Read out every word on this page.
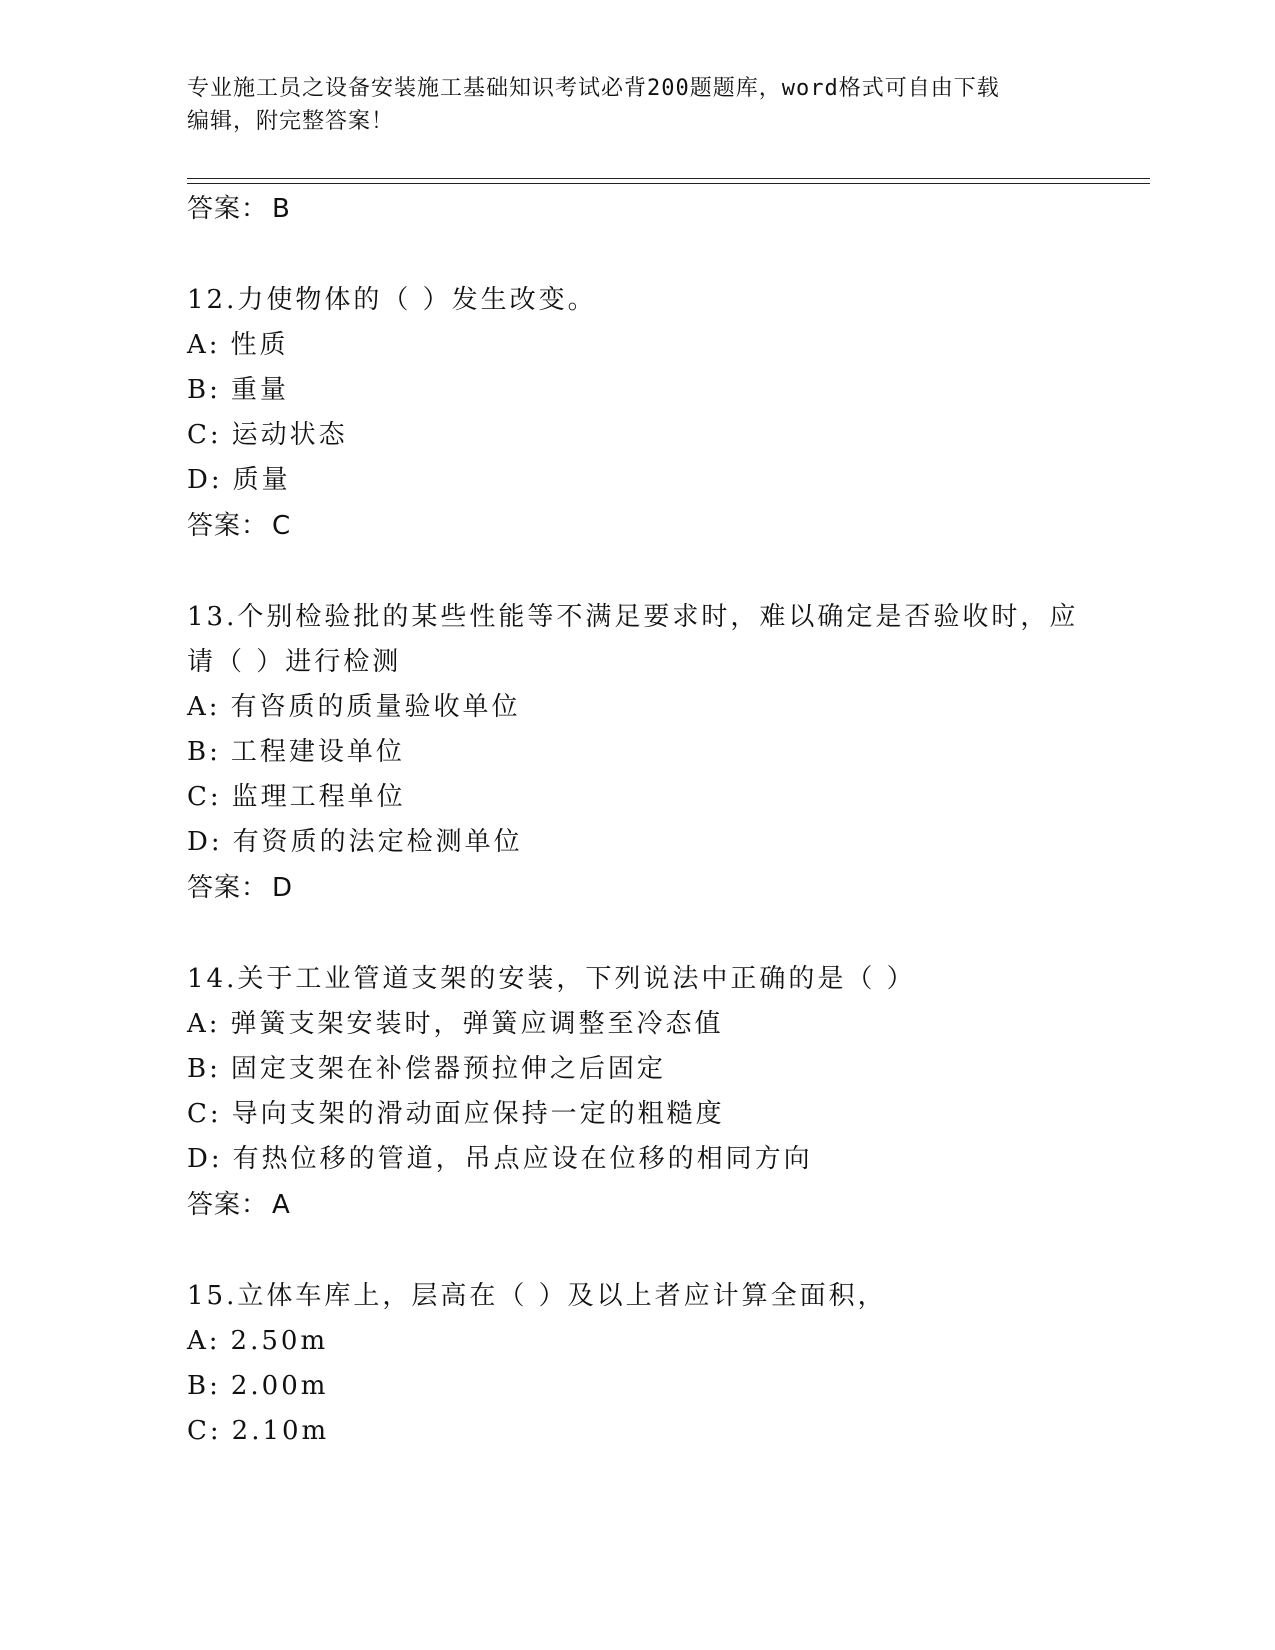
专业施工员之设备安装施工基础知识考试必背200题题库，word格式可自由下载
编辑，附完整答案！
答案： B
12.力使物体的（ ）发生改变。
A: 性质
B: 重量
C: 运动状态
D: 质量
答案： C
13.个别检验批的某些性能等不满足要求时，难以确定是否验收时，应
请（ ）进行检测
A: 有咨质的质量验收单位
B: 工程建设单位
C: 监理工程单位
D: 有资质的法定检测单位
答案： D
14.关于工业管道支架的安装，下列说法中正确的是（ ）
A: 弹簧支架安装时，弹簧应调整至冷态值
B: 固定支架在补偿器预拉伸之后固定
C: 导向支架的滑动面应保持一定的粗糙度
D: 有热位移的管道，吊点应设在位移的相同方向
答案： A
15.立体车库上，层高在（ ）及以上者应计算全面积，
A: 2.50m
B: 2.00m
C: 2.10m
